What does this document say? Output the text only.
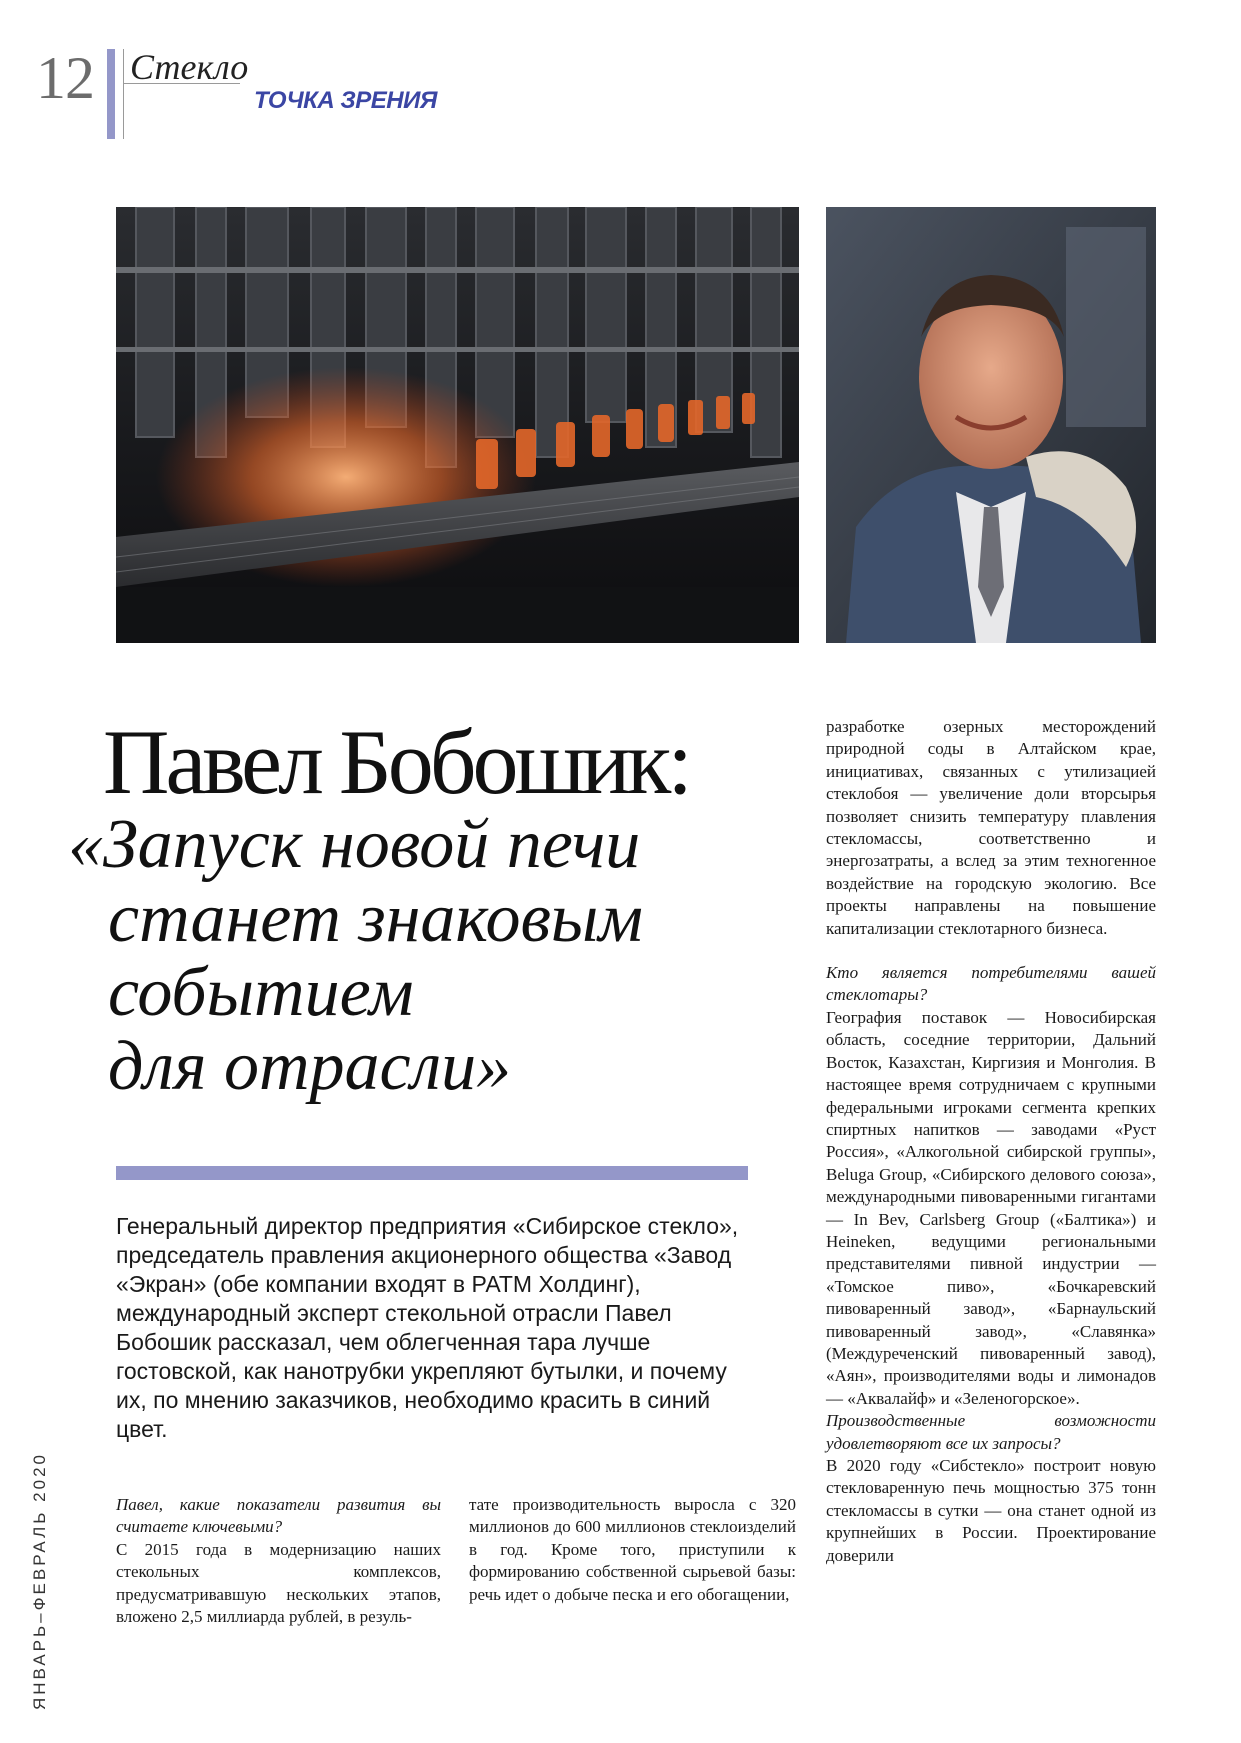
12 Стекло
ТОЧКА ЗРЕНИЯ
Павел Бобошик:
«Запуск новой печи
станет знаковым
событием
для отрасли»
Генеральный директор предприятия «Сибирское стекло», председатель правления акционерного общества «Завод «Экран» (обе компании входят в РАТМ Холдинг), международный эксперт стекольной отрасли Павел Бобошик рассказал, чем облегченная тара лучше гостовской, как нанотрубки укрепляют бутылки, и почему их, по мнению заказчиков, необходимо красить в синий цвет.
ЯНВАРЬ–ФЕВРАЛЬ 2020	Павел, какие показатели развития вы считаете ключевыми?

С 2015 года в модернизацию наших стекольных комплексов, предусматривавшую нескольких этапов, вложено 2,5 миллиарда рублей, в резуль-

тате производительность выросла с 320 миллионов до 600 миллионов стеклоизделий в год. Кроме того, приступили к формированию собственной сырьевой базы: речь идет о добыче песка и его обогащении,

разработке озерных месторождений природной соды в Алтайском крае, инициативах, связанных с утилизацией стеклобоя — увеличение доли вторсырья позволяет снизить температуру плавления стекломассы, соответственно и энергозатраты, а вслед за этим техногенное воздействие на городскую экологию. Все проекты направлены на повышение капитализации стеклотарного бизнеса.

Кто является потребителями вашей стеклотары?

География поставок — Новосибирская область, соседние территории, Дальний Восток, Казахстан, Киргизия и Монголия. В настоящее время сотрудничаем с крупными федеральными игроками сегмента крепких спиртных напитков — заводами «Руст Россия», «Алкогольной сибирской группы», Beluga Group, «Сибирского делового союза», международными пивоваренными гигантами — In Bev, Carlsberg Group («Балтика») и Heineken, ведущими региональными представителями пивной индустрии — «Томское пиво», «Бочкаревский пивоваренный завод», «Барнаульский пивоваренный завод», «Славянка» (Междуреченский пивоваренный завод), «Аян», производителями воды и лимонадов — «Аквалайф» и «Зеленогорское».

Производственные возможности удовлетворяют все их запросы?

В 2020 году «Сибстекло» построит новую стекловаренную печь мощностью 375 тонн стекломассы в сутки — она станет одной из крупнейших в России. Проектирование доверили
